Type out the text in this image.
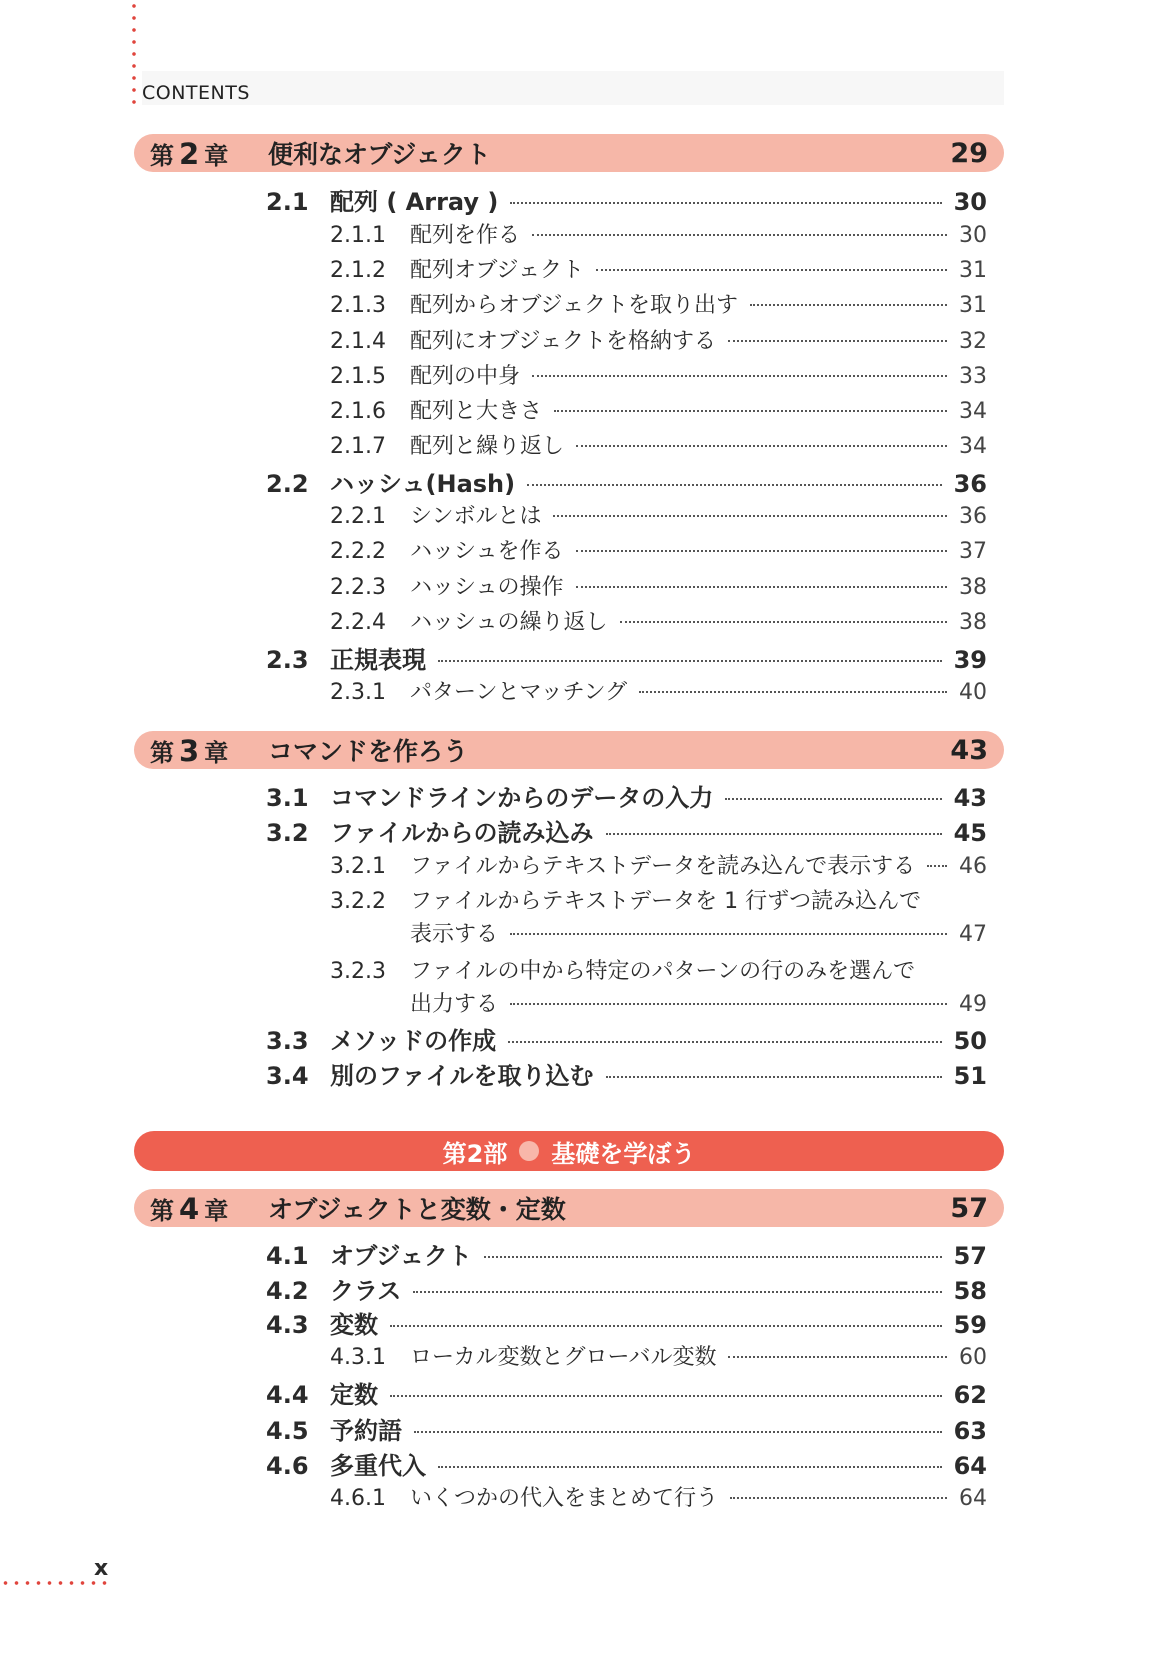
CONTENTS
第 2 章 便利なオブジェクト	29
2.1 配列 ( Array )	30
2.1.1	配列を作る	30
2.1.2	配列オブジェクト	31
2.1.3	配列からオブジェクトを取り出す	31
2.1.4	配列にオブジェクトを格納する	32
2.1.5	配列の中身	33
2.1.6	配列と大きさ	34
2.1.7	配列と繰り返し	34
2.2 ハッシュ(Hash)	36
2.2.1	シンボルとは	36
2.2.2	ハッシュを作る	37
2.2.3	ハッシュの操作	38
2.2.4	ハッシュの繰り返し	38
2.3 正規表現	39
2.3.1	パターンとマッチング	40
第 3 章 コマンドを作ろう	43
3.1 コマンドラインからのデータの入力	43
3.2 ファイルからの読み込み	45
3.2.1	ファイルからテキストデータを読み込んで表示する 46
3.2.2	ファイルからテキストデータを 1 行ずつ読み込んで
表示する	47
3.2.3	ファイルの中から特定のパターンの行のみを選んで
出力する	49
3.3 メソッドの作成	50
3.4 別のファイルを取り込む	51
第2部 基礎を学ぼう
第 4 章 オブジェクトと変数・定数	57
4.1 オブジェクト	57
4.2 クラス	58
4.3 変数	59
4.3.1	ローカル変数とグローバル変数	60
4.4 定数	62
4.5 予約語	63
4.6 多重代入	64
4.6.1	いくつかの代入をまとめて行う	64
x
